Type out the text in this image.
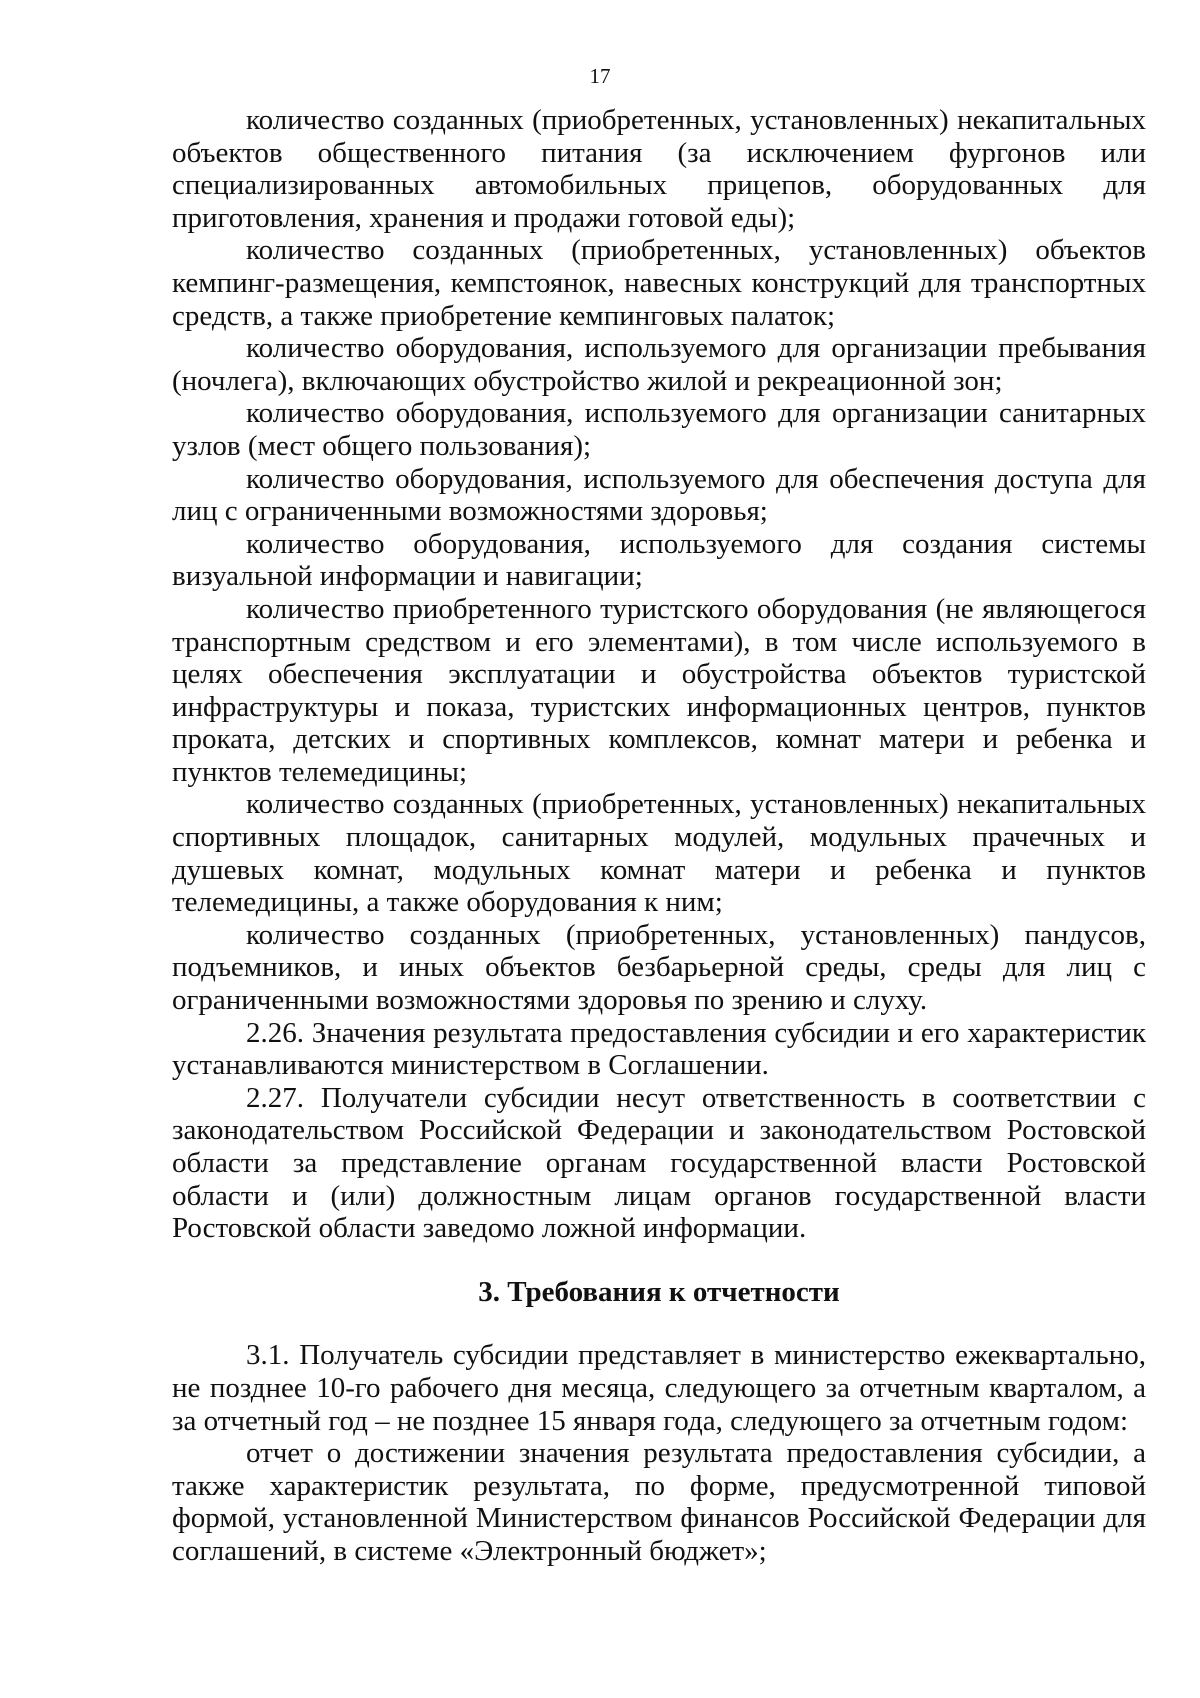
17

количество созданных (приобретенных, установленных) некапитальных объектов общественного питания (за исключением фургонов или специализированных автомобильных прицепов, оборудованных для приготовления, хранения и продажи готовой еды);

количество созданных (приобретенных, установленных) объектов кемпинг-размещения, кемпстоянок, навесных конструкций для транспортных средств, а также приобретение кемпинговых палаток;

количество оборудования, используемого для организации пребывания (ночлега), включающих обустройство жилой и рекреационной зон;

количество оборудования, используемого для организации санитарных узлов (мест общего пользования);

количество оборудования, используемого для обеспечения доступа для лиц с ограниченными возможностями здоровья;

количество оборудования, используемого для создания системы визуальной информации и навигации;

количество приобретенного туристского оборудования (не являющегося транспортным средством и его элементами), в том числе используемого в целях обеспечения эксплуатации и обустройства объектов туристской инфраструктуры и показа, туристских информационных центров, пунктов проката, детских и спортивных комплексов, комнат матери и ребенка и пунктов телемедицины;

количество созданных (приобретенных, установленных) некапитальных спортивных площадок, санитарных модулей, модульных прачечных и душевых комнат, модульных комнат матери и ребенка и пунктов телемедицины, а также оборудования к ним;

количество созданных (приобретенных, установленных) пандусов, подъемников, и иных объектов безбарьерной среды, среды для лиц с ограниченными возможностями здоровья по зрению и слуху.

2.26. Значения результата предоставления субсидии и его характеристик устанавливаются министерством в Соглашении.

2.27. Получатели субсидии несут ответственность в соответствии с законодательством Российской Федерации и законодательством Ростовской области за представление органам государственной власти Ростовской области и (или) должностным лицам органов государственной власти Ростовской области заведомо ложной информации.

3. Требования к отчетности

3.1. Получатель субсидии представляет в министерство ежеквартально, не позднее 10-го рабочего дня месяца, следующего за отчетным кварталом, а за отчетный год – не позднее 15 января года, следующего за отчетным годом:

отчет о достижении значения результата предоставления субсидии, а также характеристик результата, по форме, предусмотренной типовой формой, установленной Министерством финансов Российской Федерации для соглашений, в системе «Электронный бюджет»;
